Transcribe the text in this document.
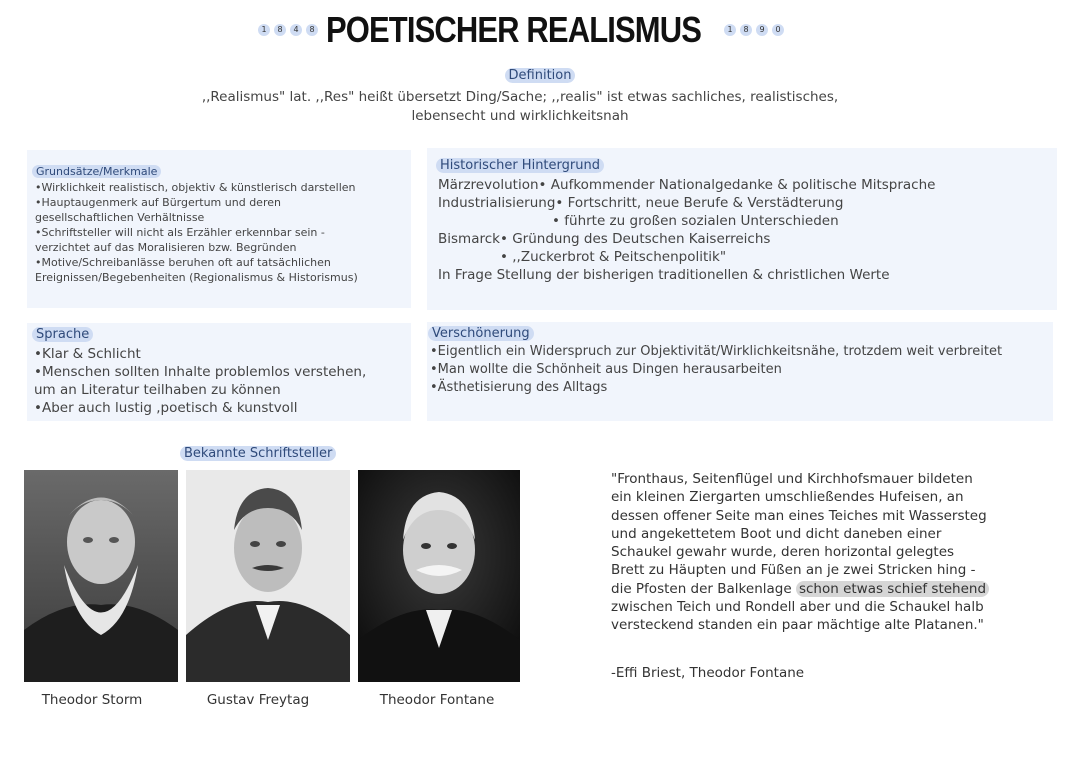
1	8	4	8 POETISCHER REALISMUS	1	8	9	0
Definition
,,Realismus" lat. ,,Res" heißt übersetzt Ding/Sache; ,,realis" ist etwas sachliches, realistisches,
lebensecht und wirklichkeitsnah
Grundsätze/Merkmale
•Wirklichkeit realistisch, objektiv & künstlerisch darstellen
•Hauptaugenmerk auf Bürgertum und deren
gesellschaftlichen Verhältnisse
•Schriftsteller will nicht als Erzähler erkennbar sein -
verzichtet auf das Moralisieren bzw. Begründen
•Motive/Schreibanlässe beruhen oft auf tatsächlichen
Ereignissen/Begebenheiten (Regionalismus & Historismus)
Historischer Hintergrund
Märzrevolution• Aufkommender Nationalgedanke & politische Mitsprache
Industrialisierung• Fortschritt, neue Berufe & Verstädterung
• führte zu großen sozialen Unterschieden
Bismarck• Gründung des Deutschen Kaiserreichs
• ,,Zuckerbrot & Peitschenpolitik"
In Frage Stellung der bisherigen traditionellen & christlichen Werte
Sprache
•Klar & Schlicht
•Menschen sollten Inhalte problemlos verstehen,
um an Literatur teilhaben zu können
•Aber auch lustig ,poetisch & kunstvoll
Verschönerung
•Eigentlich ein Widerspruch zur Objektivität/Wirklichkeitsnähe, trotzdem weit verbreitet
•Man wollte die Schönheit aus Dingen herausarbeiten
•Ästhetisierung des Alltags
Bekannte Schriftsteller
Theodor Storm	Gustav Freytag	Theodor Fontane
"Fronthaus, Seitenflügel und Kirchhofsmauer bildeten
ein kleinen Ziergarten umschließendes Hufeisen, an
dessen offener Seite man eines Teiches mit Wassersteg
und angekettetem Boot und dicht daneben einer
Schaukel gewahr wurde, deren horizontal gelegtes
Brett zu Häupten und Füßen an je zwei Stricken hing -
die Pfosten der Balkenlage schon etwas schief stehend
zwischen Teich und Rondell aber und die Schaukel halb
versteckend standen ein paar mächtige alte Platanen."
-Effi Briest, Theodor Fontane
